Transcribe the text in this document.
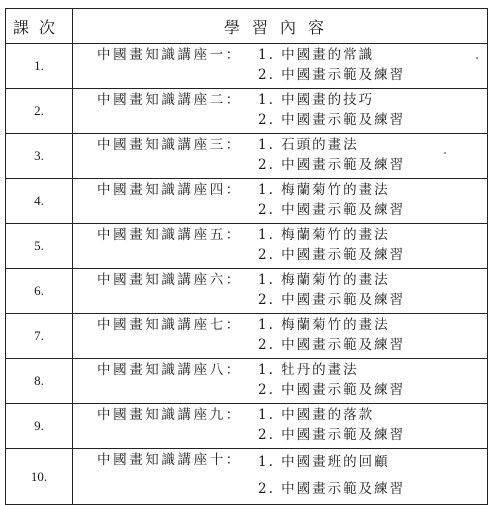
課次	學習內容
1.	中國畫知識講座一： 1. 中國畫的常識
2. 中國畫示範及練習

2.	中國畫知識講座二： 1. 中國畫的技巧
2. 中國畫示範及練習

3.	中國畫知識講座三： 1. 石頭的畫法
2. 中國畫示範及練習

4.	中國畫知識講座四： 1. 梅蘭菊竹的畫法
2. 中國畫示範及練習

5.	中國畫知識講座五： 1. 梅蘭菊竹的畫法
2. 中國畫示範及練習

6.	中國畫知識講座六： 1. 梅蘭菊竹的畫法
2. 中國畫示範及練習

7.	中國畫知識講座七： 1. 梅蘭菊竹的畫法
2. 中國畫示範及練習

8.	中國畫知識講座八： 1. 牡丹的畫法
2. 中國畫示範及練習

9.	中國畫知識講座九： 1. 中國畫的落款
2. 中國畫示範及練習

10.	中國畫知識講座十： 1. 中國畫班的回顧
2. 中國畫示範及練習
